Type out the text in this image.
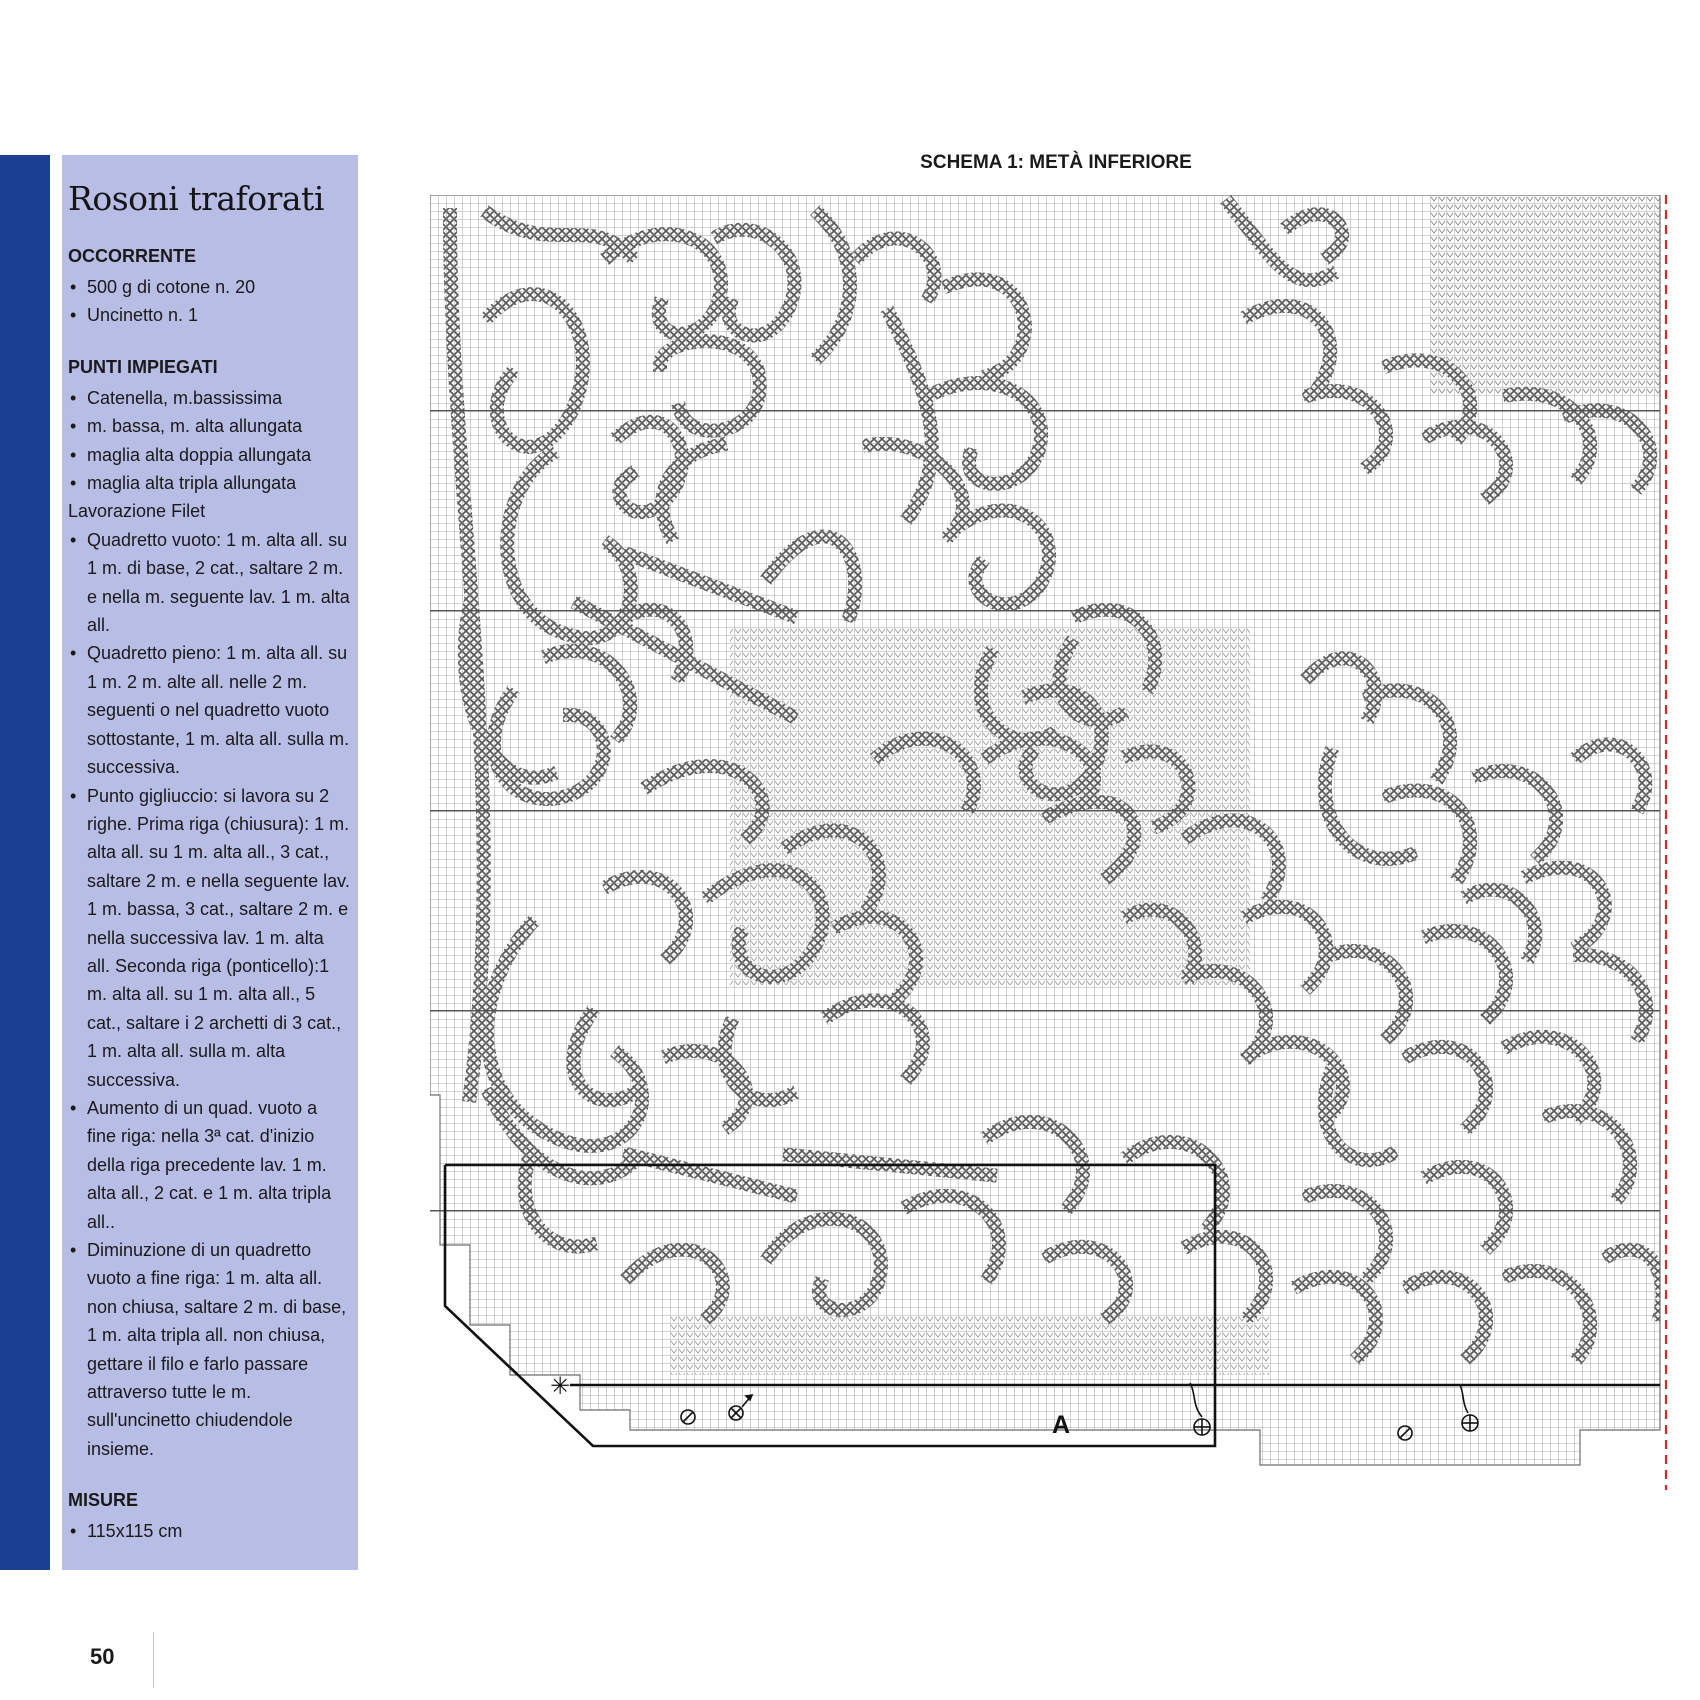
Rosoni traforati
OCCORRENTE
• 500 g di cotone n. 20
• Uncinetto n. 1
PUNTI IMPIEGATI
• Catenella, m.bassissima
• m. bassa, m. alta allungata
• maglia alta doppia allungata
• maglia alta tripla allungata
Lavorazione Filet
• Quadretto vuoto: 1 m. alta all. su 1 m. di base, 2 cat., saltare 2 m. e nella m. seguente lav. 1 m. alta all.
• Quadretto pieno: 1 m. alta all. su 1 m. 2 m. alte all. nelle 2 m. seguenti o nel quadretto vuoto sottostante, 1 m. alta all. sulla m. successiva.
• Punto gigliuccio: si lavora su 2 righe. Prima riga (chiusura): 1 m. alta all. su 1 m. alta all., 3 cat., saltare 2 m. e nella seguente lav. 1 m. bassa, 3 cat., saltare 2 m. e nella successiva lav. 1 m. alta all. Seconda riga (ponticello):1 m. alta all. su 1 m. alta all., 5 cat., saltare i 2 archetti di 3 cat., 1 m. alta all. sulla m. alta successiva.
• Aumento di un quad. vuoto a fine riga: nella 3ª cat. d'inizio della riga precedente lav. 1 m. alta all., 2 cat. e 1 m. alta tripla all..
• Diminuzione di un quadretto vuoto a fine riga: 1 m. alta all. non chiusa, saltare 2 m. di base, 1 m. alta tripla all. non chiusa, gettare il filo e farlo passare attraverso tutte le m. sull'uncinetto chiudendole insieme.
MISURE
• 115x115 cm
SCHEMA 1: METÀ INFERIORE
A
✳
50
